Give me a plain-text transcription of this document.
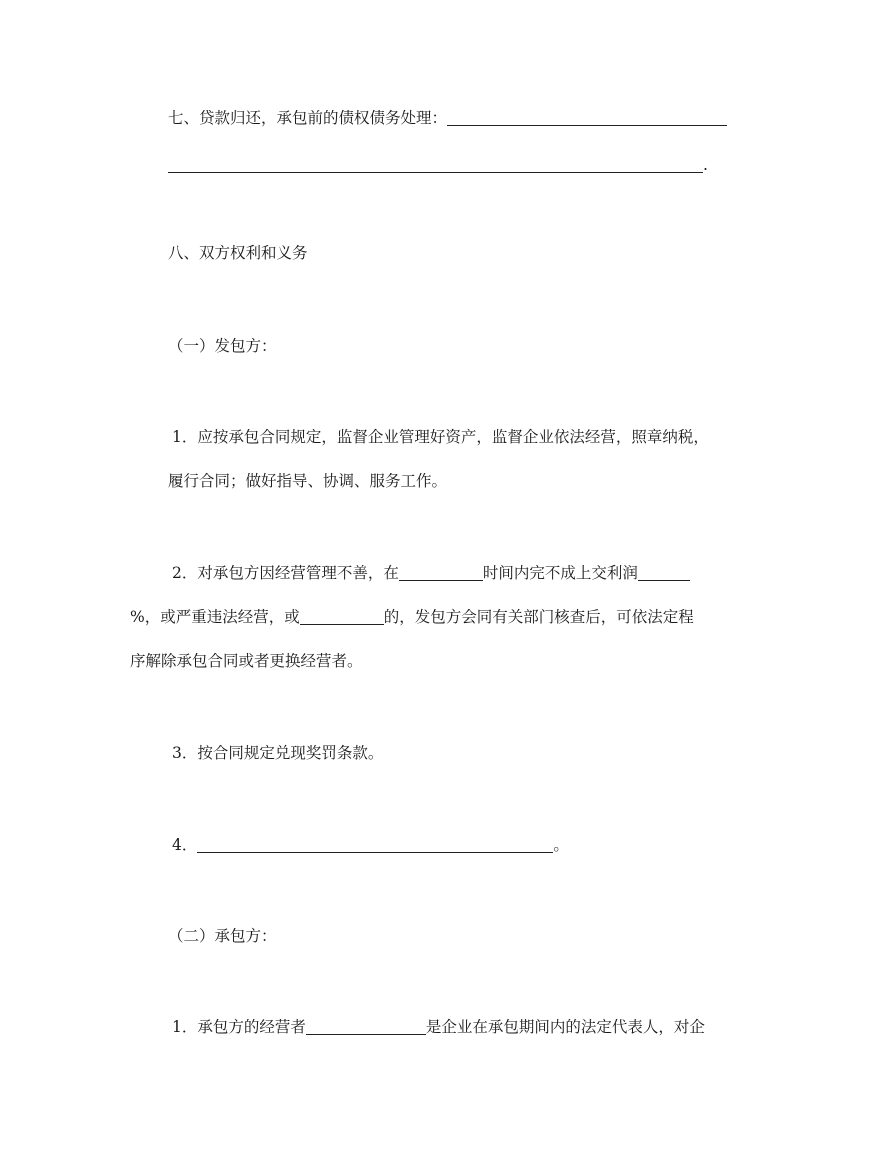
七、贷款归还，承包前的债权债务处理：
.
八、双方权利和义务
（一）发包方：
1．应按承包合同规定，监督企业管理好资产，监督企业依法经营，照章纳税，
履行合同；做好指导、协调、服务工作。
2．对承包方因经营管理不善，在	时间内完不成上交利润
%，或严重违法经营，或	的，发包方会同有关部门核查后，可依法定程
序解除承包合同或者更换经营者。
3．按合同规定兑现奖罚条款。
4．	。
（二）承包方：
1．承包方的经营者	是企业在承包期间内的法定代表人，对企
